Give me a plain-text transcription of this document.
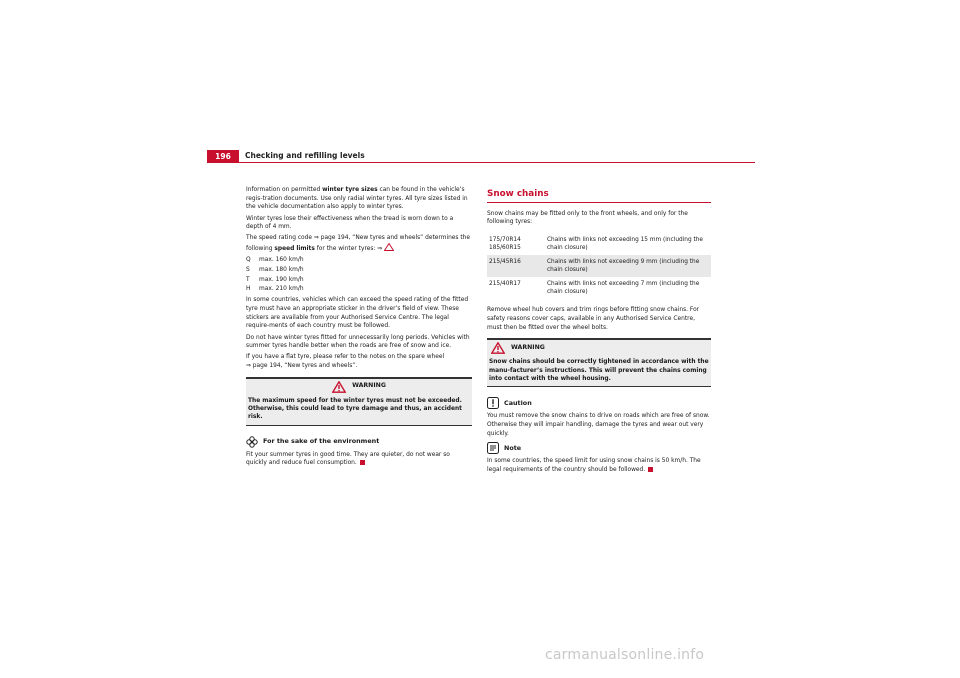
196	Checking and refilling levels

Information on permitted winter tyre sizes can be found in the vehicle’s regis-tration documents. Use only radial winter tyres. All tyre sizes listed in the vehicle documentation also apply to winter tyres.

Winter tyres lose their effectiveness when the tread is worn down to a depth of 4 mm.

The speed rating code ⇒ page 194, “New tyres and wheels” determines the following speed limits for the winter tyres: ⇒

Q	max. 160 km/h
S	max. 180 km/h
T	max. 190 km/h
H	max. 210 km/h

In some countries, vehicles which can exceed the speed rating of the fitted tyre must have an appropriate sticker in the driver’s field of view. These stickers are available from your Authorised Service Centre. The legal require-ments of each country must be followed.

Do not have winter tyres fitted for unnecessarily long periods. Vehicles with summer tyres handle better when the roads are free of snow and ice.

If you have a flat tyre, please refer to the notes on the spare wheel
⇒ page 194, “New tyres and wheels”.

WARNING
The maximum speed for the winter tyres must not be exceeded. Otherwise, this could lead to tyre damage and thus, an accident risk.
For the sake of the environment

Fit your summer tyres in good time. They are quieter, do not wear so quickly and reduce fuel consumption.

Snow chains

Snow chains may be fitted only to the front wheels, and only for the following tyres:

175/70R14
185/60R15	Chains with links not exceeding 15 mm (including the chain closure)
215/45R16	Chains with links not exceeding 9 mm (including the chain closure)
215/40R17	Chains with links not exceeding 7 mm (including the chain closure)

Remove wheel hub covers and trim rings before fitting snow chains. For safety reasons cover caps, available in any Authorised Service Centre, must then be fitted over the wheel bolts.

WARNING
Snow chains should be correctly tightened in accordance with the manu-facturer’s instructions. This will prevent the chains coming into contact with the wheel housing.
Caution

You must remove the snow chains to drive on roads which are free of snow. Otherwise they will impair handling, damage the tyres and wear out very quickly.

Note

In some countries, the speed limit for using snow chains is 50 km/h. The legal requirements of the country should be followed.

carmanualsonline.info
